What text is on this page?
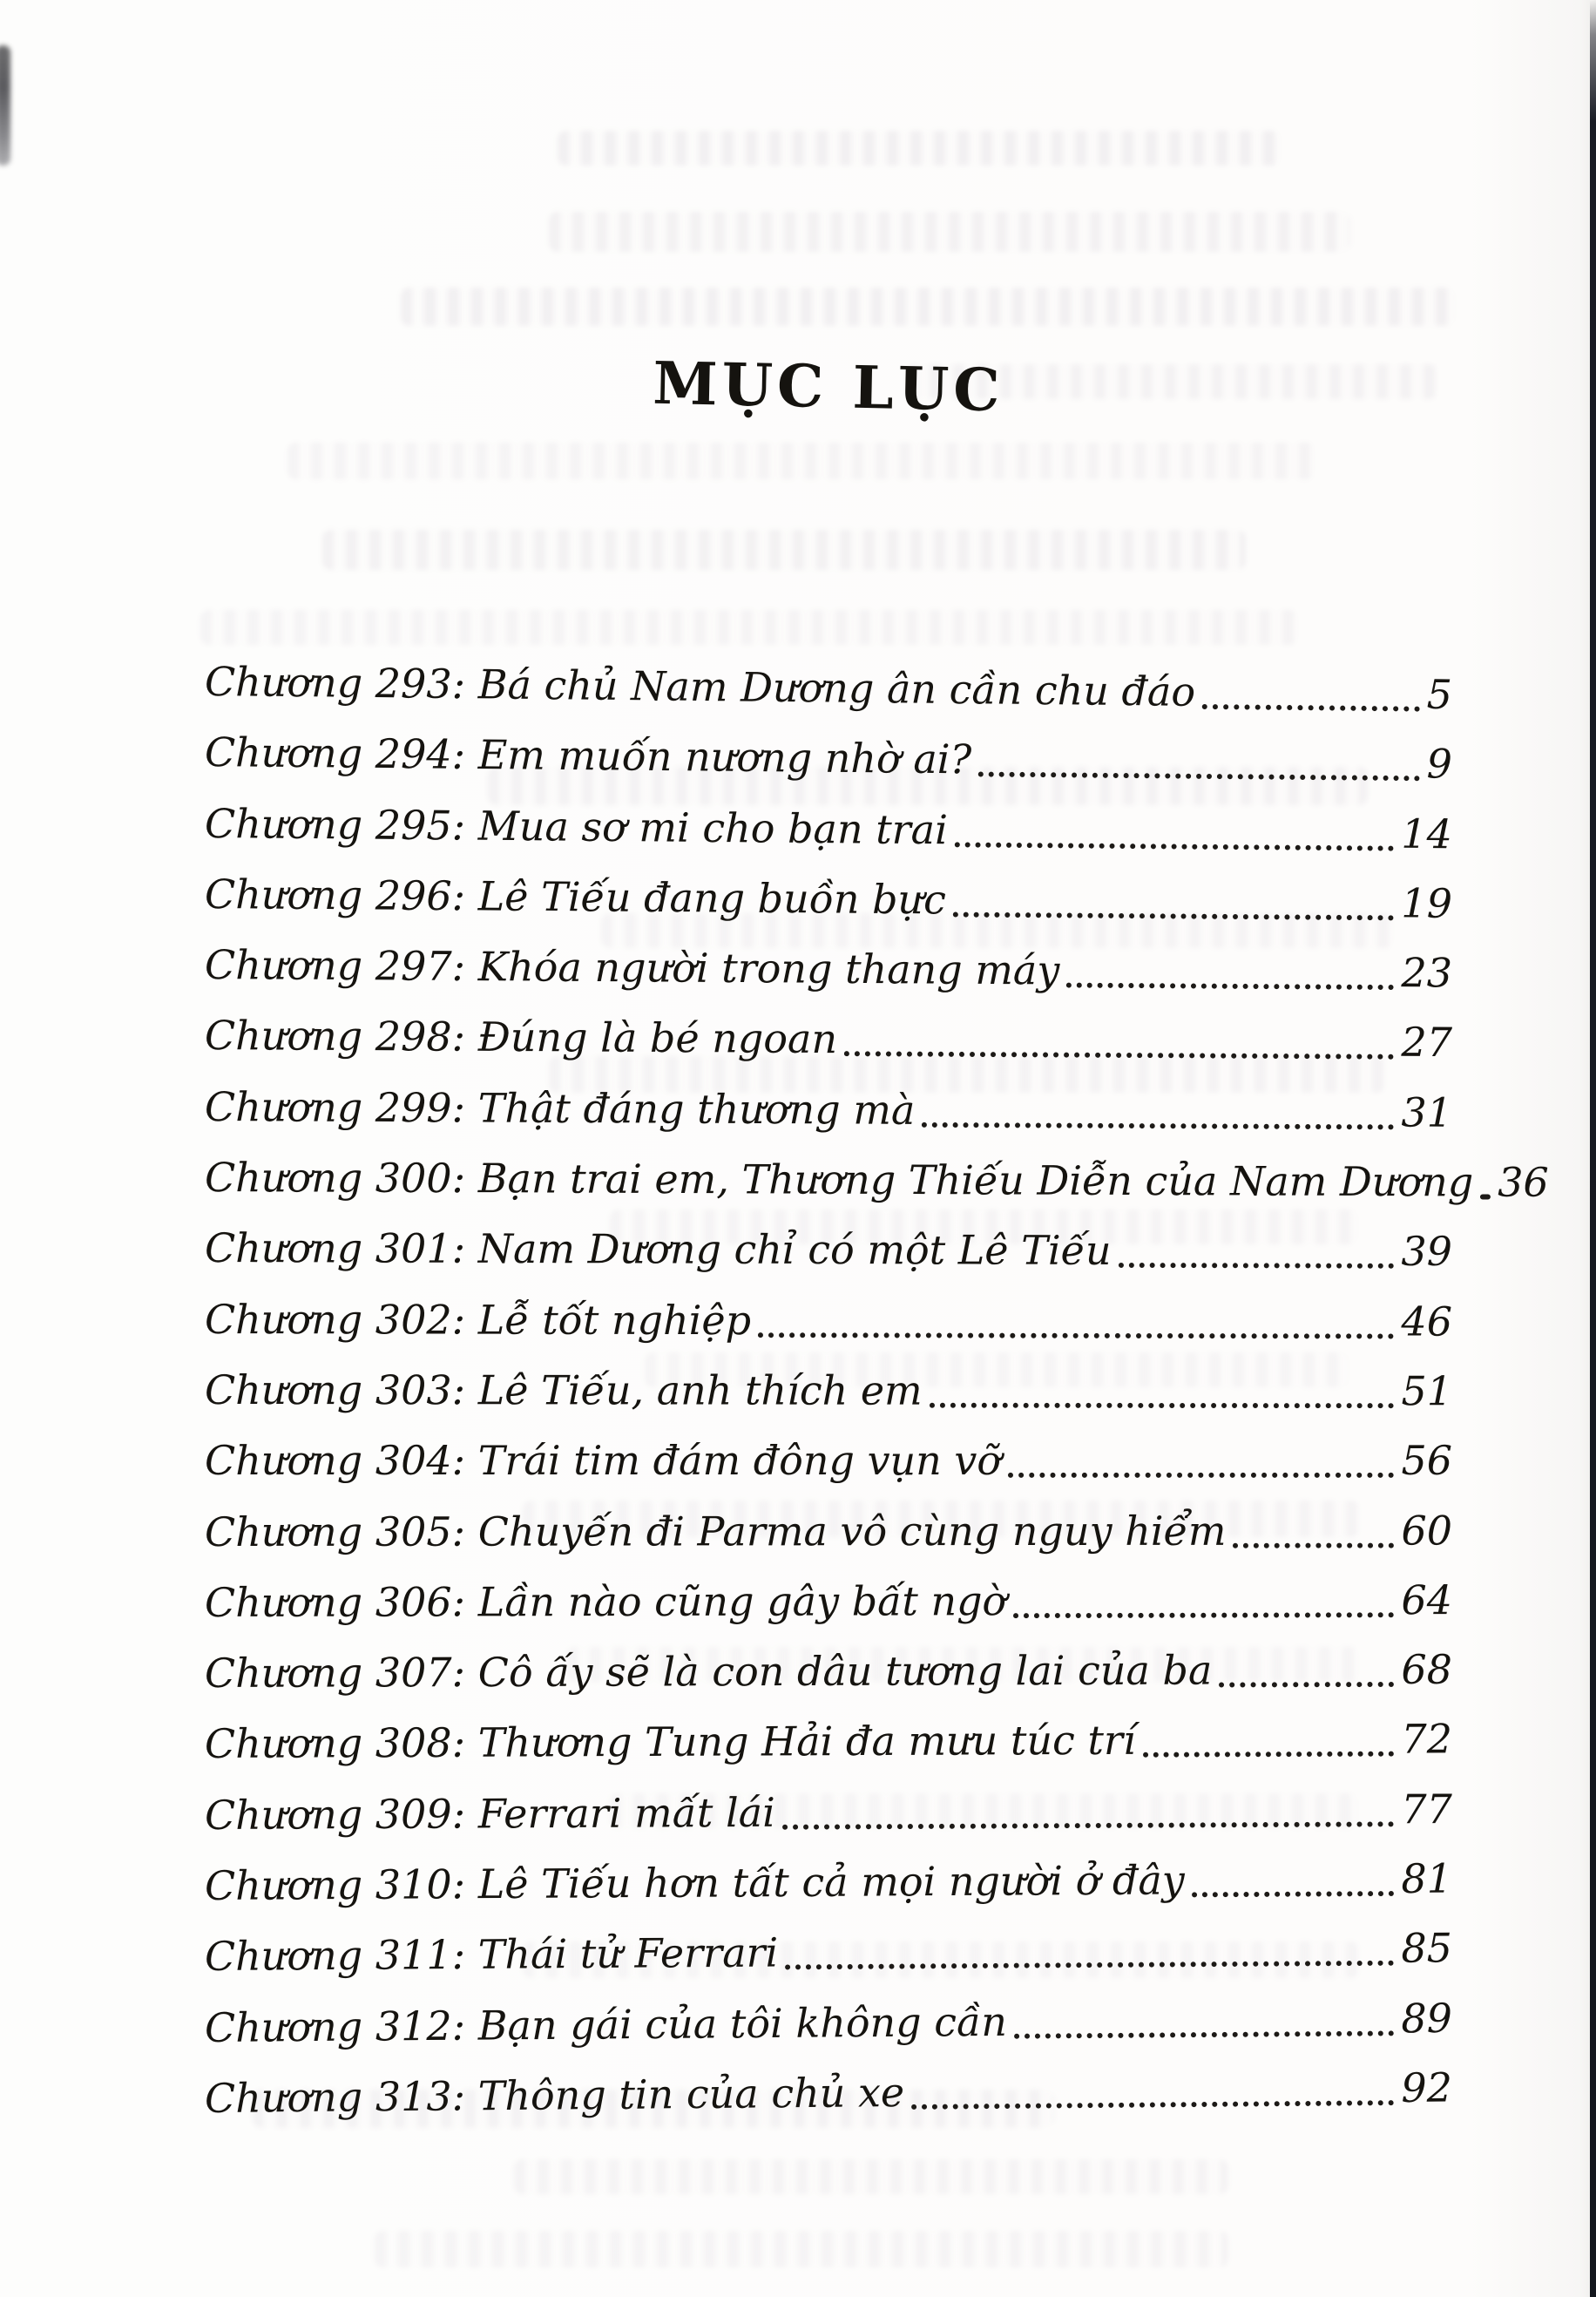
MỤC LỤC
Chương 293: Bá chủ Nam Dương ân cần chu đáo	5
Chương 294: Em muốn nương nhờ ai?	9
Chương 295: Mua sơ mi cho bạn trai	14
Chương 296: Lê Tiếu đang buồn bực	19
Chương 297: Khóa người trong thang máy	23
Chương 298: Đúng là bé ngoan	27
Chương 299: Thật đáng thương mà	31
Chương 300: Bạn trai em, Thương Thiếu Diễn của Nam Dương 36
Chương 301: Nam Dương chỉ có một Lê Tiếu	39
Chương 302: Lễ tốt nghiệp	46
Chương 303: Lê Tiếu, anh thích em	51
Chương 304: Trái tim đám đông vụn vỡ	56
Chương 305: Chuyến đi Parma vô cùng nguy hiểm	60
Chương 306: Lần nào cũng gây bất ngờ	64
Chương 307: Cô ấy sẽ là con dâu tương lai của ba	68
Chương 308: Thương Tung Hải đa mưu túc trí	72
Chương 309: Ferrari mất lái	77
Chương 310: Lê Tiếu hơn tất cả mọi người ở đây	81
Chương 311: Thái tử Ferrari	85
Chương 312: Bạn gái của tôi không cần	89
Chương 313: Thông tin của chủ xe	92
